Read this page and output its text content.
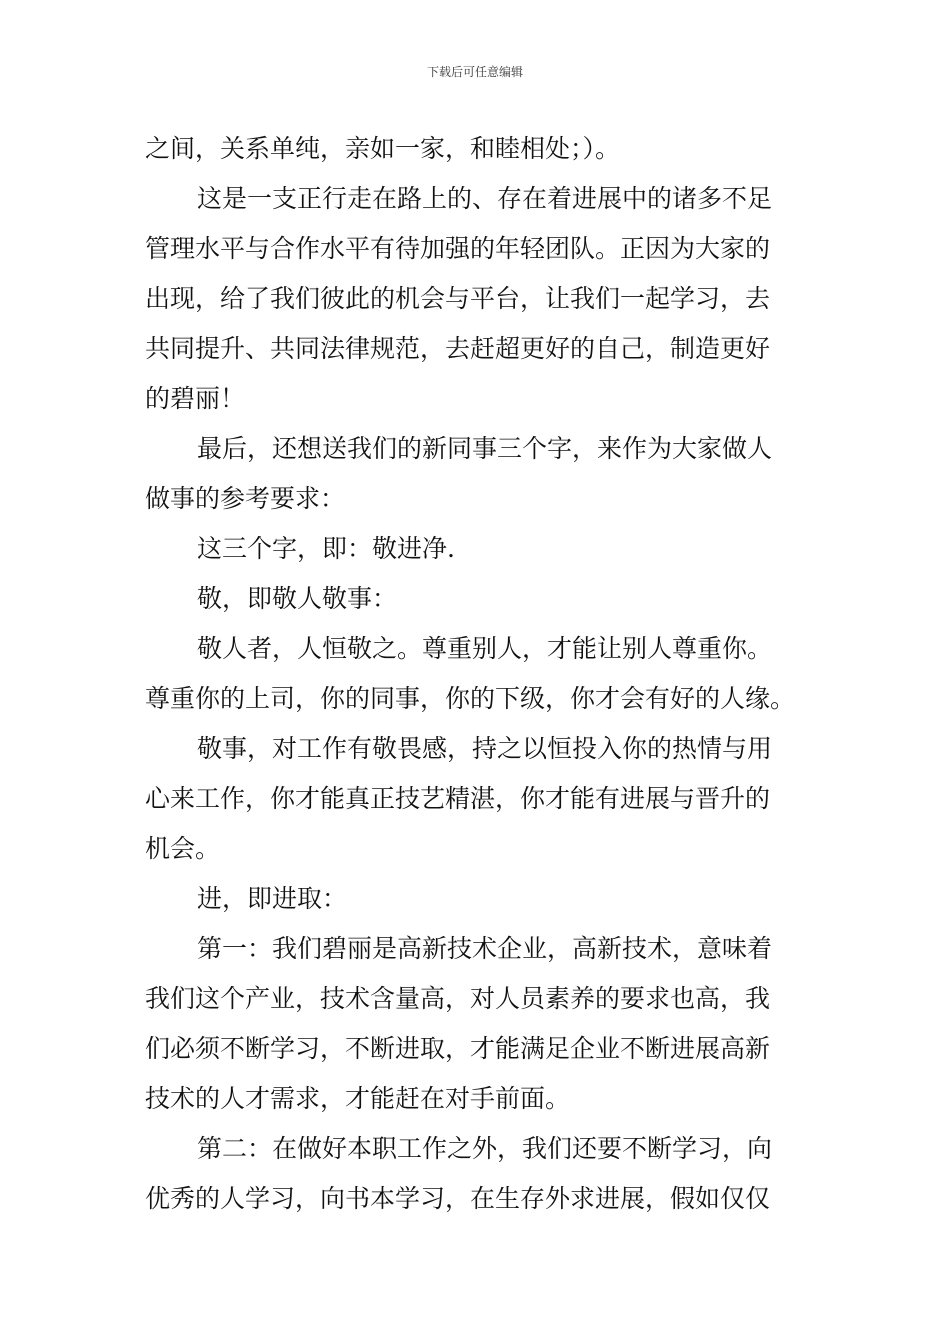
下载后可任意编辑
之间，关系单纯，亲如一家，和睦相处；）。
这是一支正行走在路上的、存在着进展中的诸多不足
管理水平与合作水平有待加强的年轻团队。正因为大家的
出现，给了我们彼此的机会与平台，让我们一起学习，去
共同提升、共同法律规范，去赶超更好的自己，制造更好
的碧丽！
最后，还想送我们的新同事三个字，来作为大家做人
做事的参考要求：
这三个字，即：敬进净.
敬，即敬人敬事：
敬人者，人恒敬之。尊重别人，才能让别人尊重你。
尊重你的上司，你的同事，你的下级，你才会有好的人缘。
敬事，对工作有敬畏感，持之以恒投入你的热情与用
心来工作，你才能真正技艺精湛，你才能有进展与晋升的
机会。
进，即进取：
第一：我们碧丽是高新技术企业，高新技术，意味着
我们这个产业，技术含量高，对人员素养的要求也高，我
们必须不断学习，不断进取，才能满足企业不断进展高新
技术的人才需求，才能赶在对手前面。
第二：在做好本职工作之外，我们还要不断学习，向
优秀的人学习，向书本学习，在生存外求进展，假如仅仅
